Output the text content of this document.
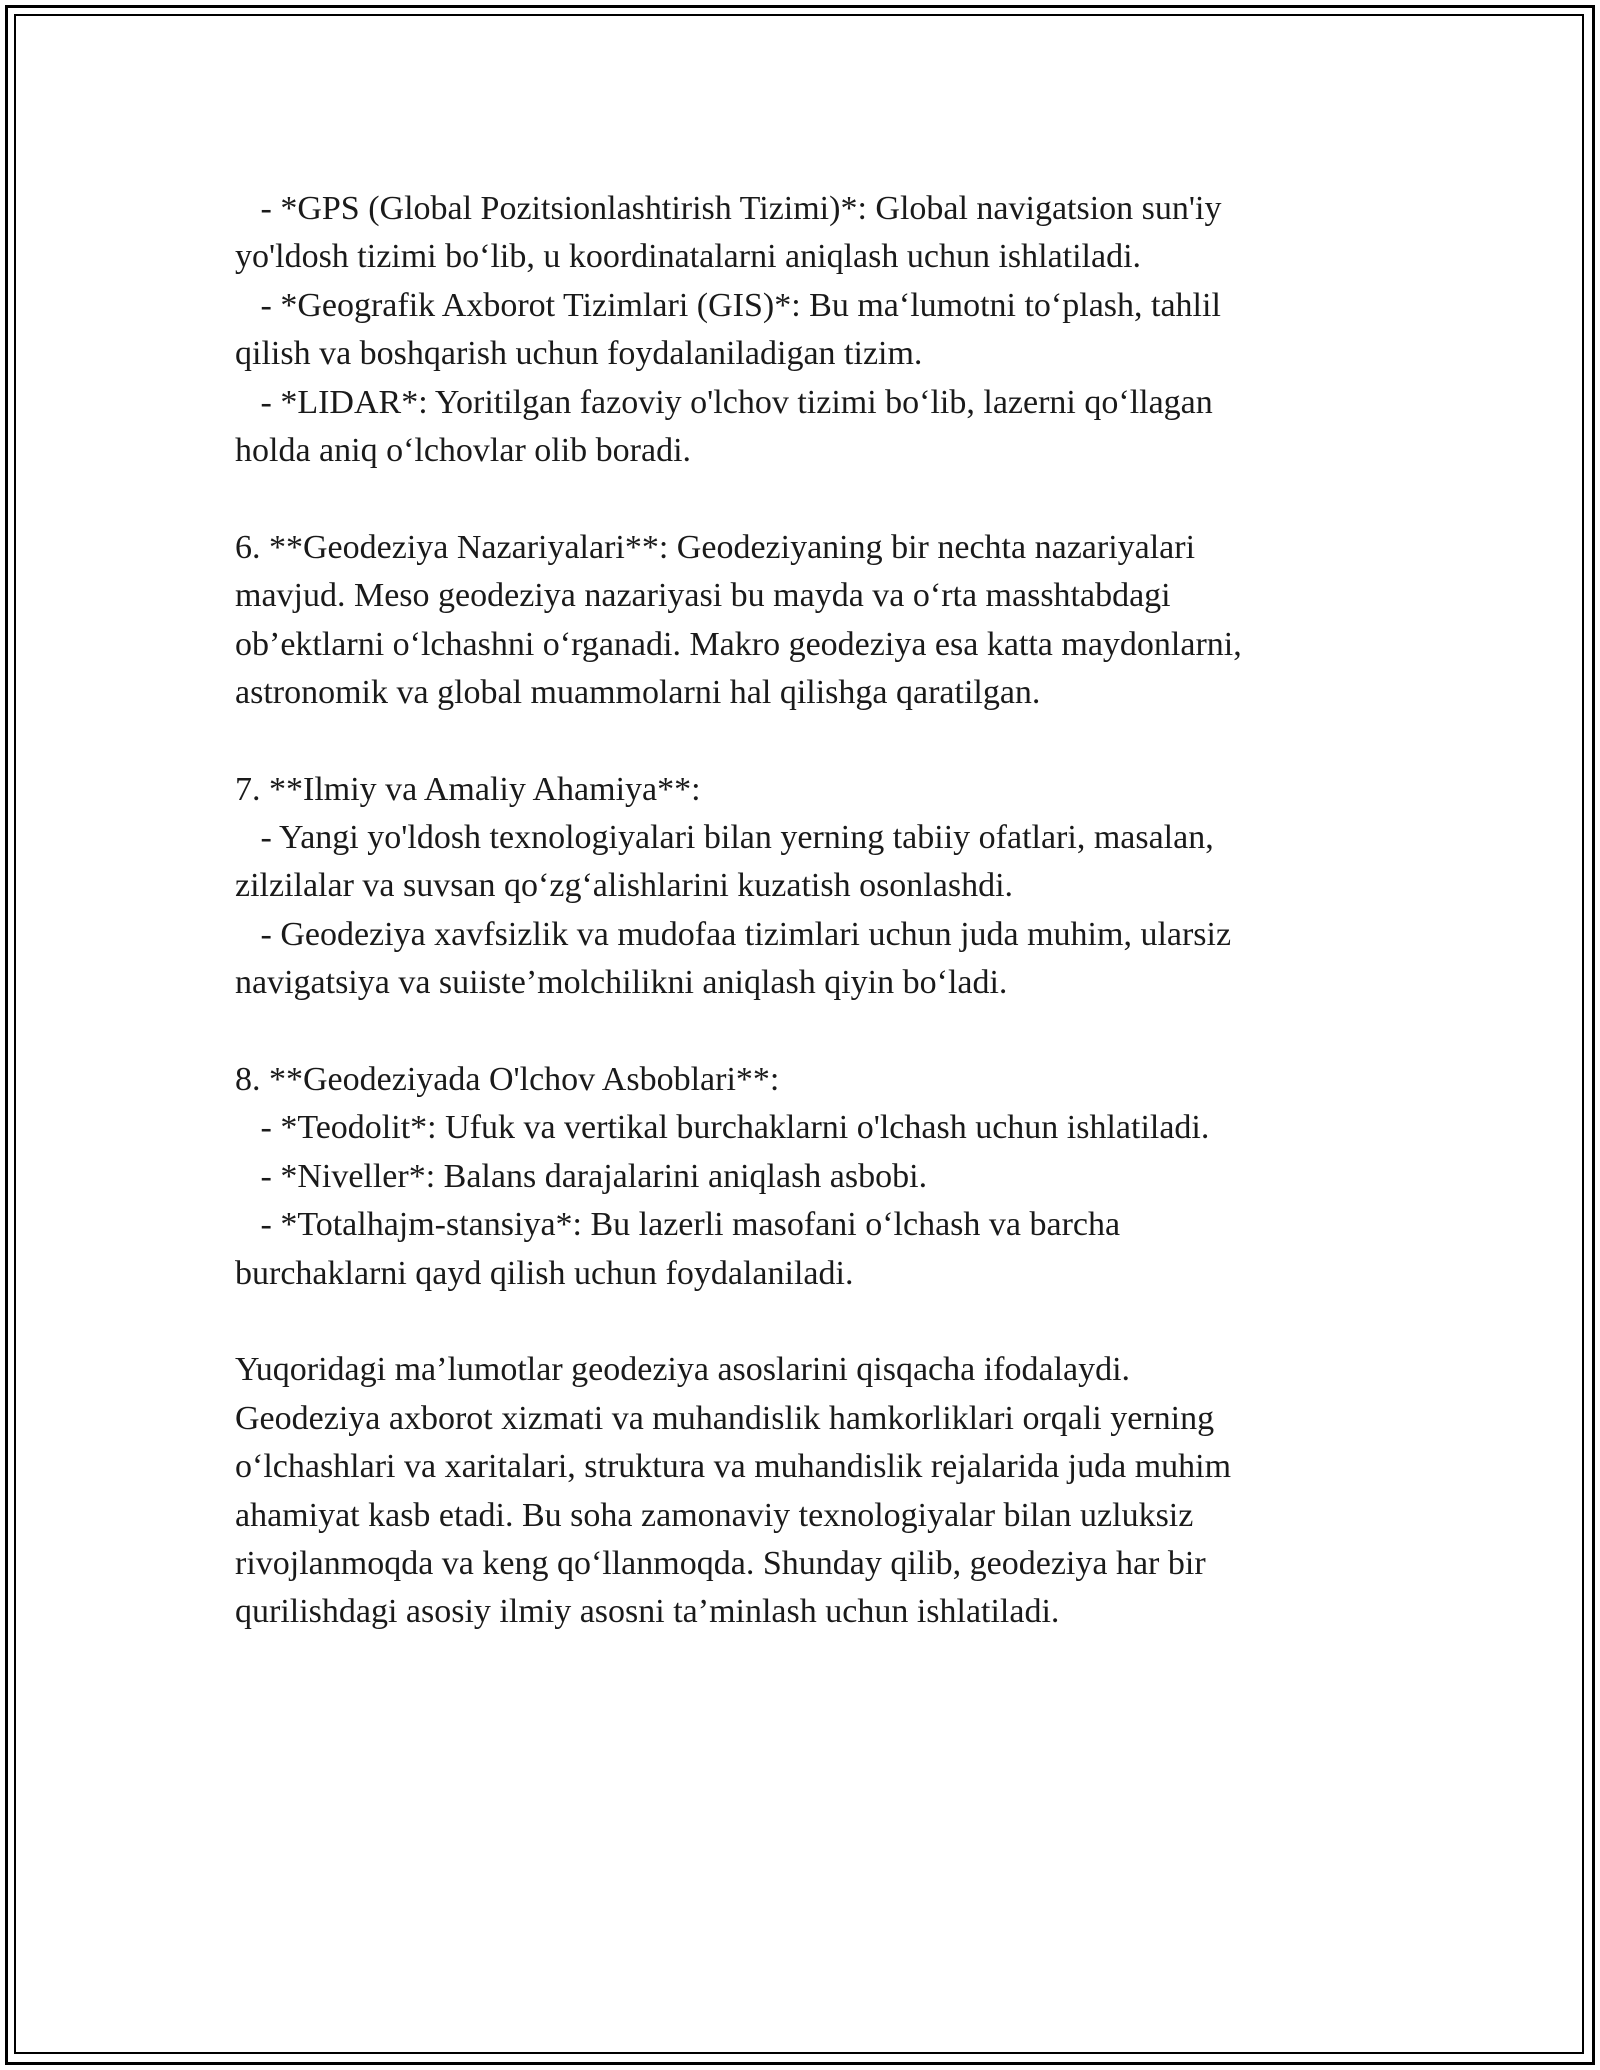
- *GPS (Global Pozitsionlashtirish Tizimi)*: Global navigatsion sun'iy
yo'ldosh tizimi bo‘lib, u koordinatalarni aniqlash uchun ishlatiladi.
- *Geografik Axborot Tizimlari (GIS)*: Bu ma‘lumotni to‘plash, tahlil
qilish va boshqarish uchun foydalaniladigan tizim.
- *LIDAR*: Yoritilgan fazoviy o'lchov tizimi bo‘lib, lazerni qo‘llagan
holda aniq o‘lchovlar olib boradi.
6. **Geodeziya Nazariyalari**: Geodeziyaning bir nechta nazariyalari
mavjud. Meso geodeziya nazariyasi bu mayda va o‘rta masshtabdagi
ob’ektlarni o‘lchashni o‘rganadi. Makro geodeziya esa katta maydonlarni,
astronomik va global muammolarni hal qilishga qaratilgan.
7. **Ilmiy va Amaliy Ahamiya**:
- Yangi yo'ldosh texnologiyalari bilan yerning tabiiy ofatlari, masalan,
zilzilalar va suvsan qo‘zg‘alishlarini kuzatish osonlashdi.
- Geodeziya xavfsizlik va mudofaa tizimlari uchun juda muhim, ularsiz
navigatsiya va suiiste’molchilikni aniqlash qiyin bo‘ladi.
8. **Geodeziyada O'lchov Asboblari**:
- *Teodolit*: Ufuk va vertikal burchaklarni o'lchash uchun ishlatiladi.
- *Niveller*: Balans darajalarini aniqlash asbobi.
- *Totalhajm-stansiya*: Bu lazerli masofani o‘lchash va barcha
burchaklarni qayd qilish uchun foydalaniladi.
Yuqoridagi ma’lumotlar geodeziya asoslarini qisqacha ifodalaydi.
Geodeziya axborot xizmati va muhandislik hamkorliklari orqali yerning
o‘lchashlari va xaritalari, struktura va muhandislik rejalarida juda muhim
ahamiyat kasb etadi. Bu soha zamonaviy texnologiyalar bilan uzluksiz
rivojlanmoqda va keng qo‘llanmoqda. Shunday qilib, geodeziya har bir
qurilishdagi asosiy ilmiy asosni ta’minlash uchun ishlatiladi.
